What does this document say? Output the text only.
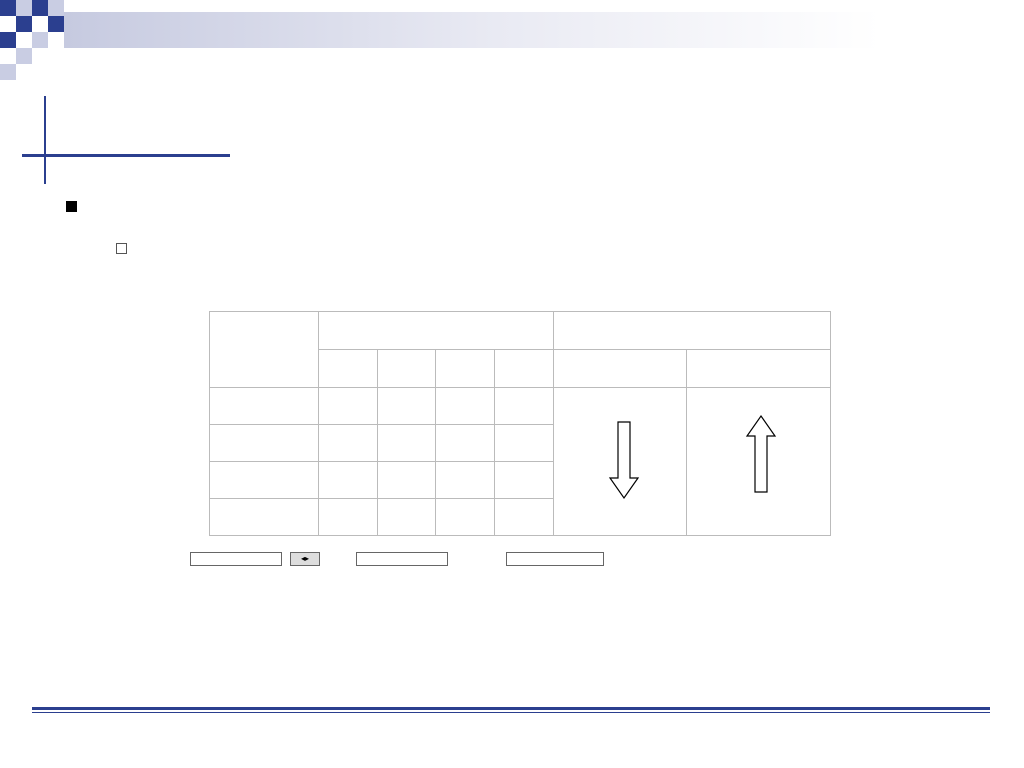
◂▸
